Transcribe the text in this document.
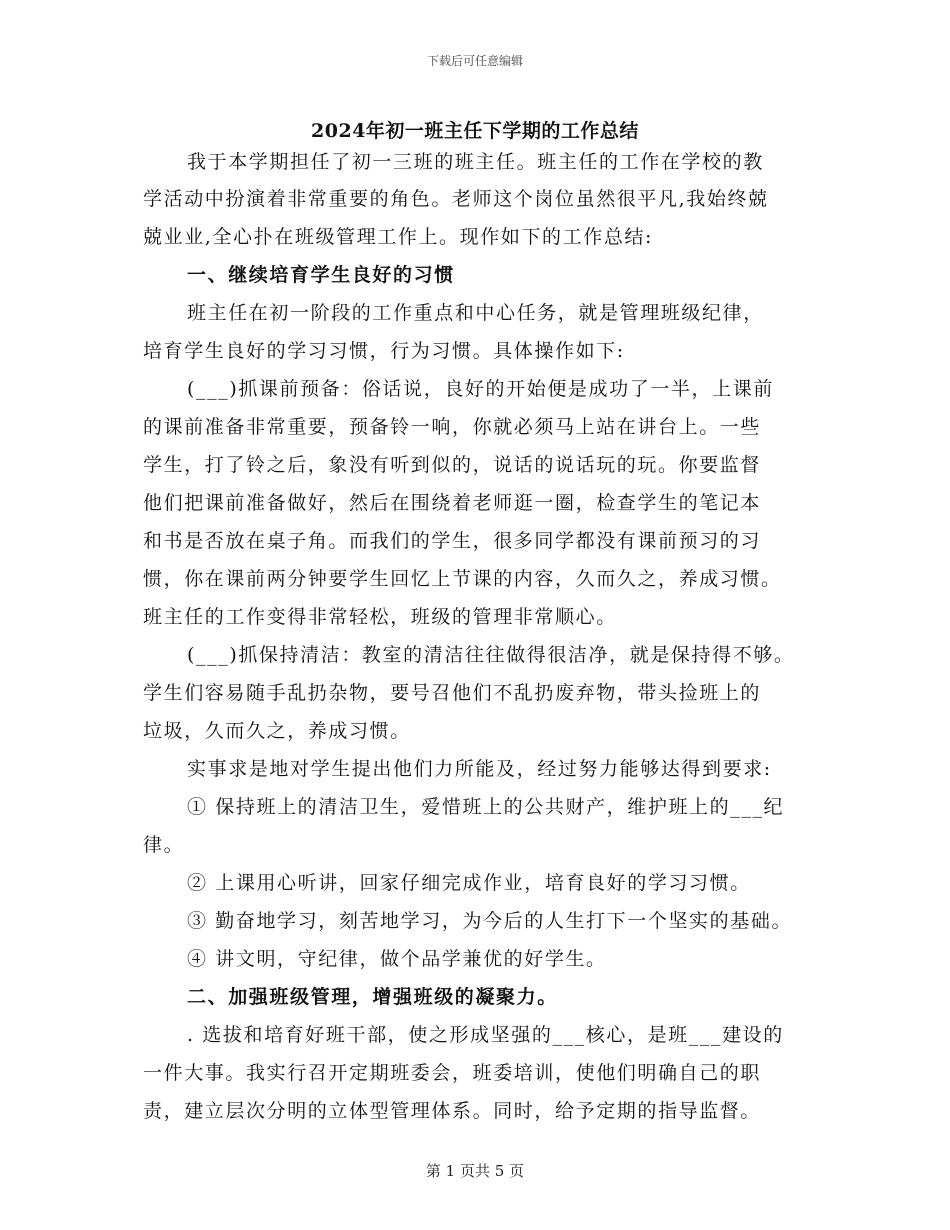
下载后可任意编辑
2024年初一班主任下学期的工作总结
我于本学期担任了初一三班的班主任。班主任的工作在学校的教
学活动中扮演着非常重要的角色。老师这个岗位虽然很平凡,我始终兢
兢业业,全心扑在班级管理工作上。现作如下的工作总结:
一、继续培育学生良好的习惯
班主任在初一阶段的工作重点和中心任务，就是管理班级纪律，
培育学生良好的学习习惯，行为习惯。具体操作如下:
(___)抓课前预备：俗话说，良好的开始便是成功了一半，上课前
的课前准备非常重要，预备铃一响，你就必须马上站在讲台上。一些
学生，打了铃之后，象没有听到似的，说话的说话玩的玩。你要监督
他们把课前准备做好，然后在围绕着老师逛一圈，检查学生的笔记本
和书是否放在桌子角。而我们的学生，很多同学都没有课前预习的习
惯，你在课前两分钟要学生回忆上节课的内容，久而久之，养成习惯。
班主任的工作变得非常轻松，班级的管理非常顺心。
(___)抓保持清洁：教室的清洁往往做得很洁净，就是保持得不够。
学生们容易随手乱扔杂物，要号召他们不乱扔废弃物，带头捡班上的
垃圾，久而久之，养成习惯。
实事求是地对学生提出他们力所能及，经过努力能够达得到要求:
① 保持班上的清洁卫生，爱惜班上的公共财产，维护班上的___纪
律。
② 上课用心听讲，回家仔细完成作业，培育良好的学习习惯。
③ 勤奋地学习，刻苦地学习，为今后的人生打下一个坚实的基础。
④ 讲文明，守纪律，做个品学兼优的好学生。
二、加强班级管理，增强班级的凝聚力。
. 选拔和培育好班干部，使之形成坚强的___核心，是班___建设的
一件大事。我实行召开定期班委会，班委培训，使他们明确自己的职
责，建立层次分明的立体型管理体系。同时，给予定期的指导监督。
第 1 页共 5 页
